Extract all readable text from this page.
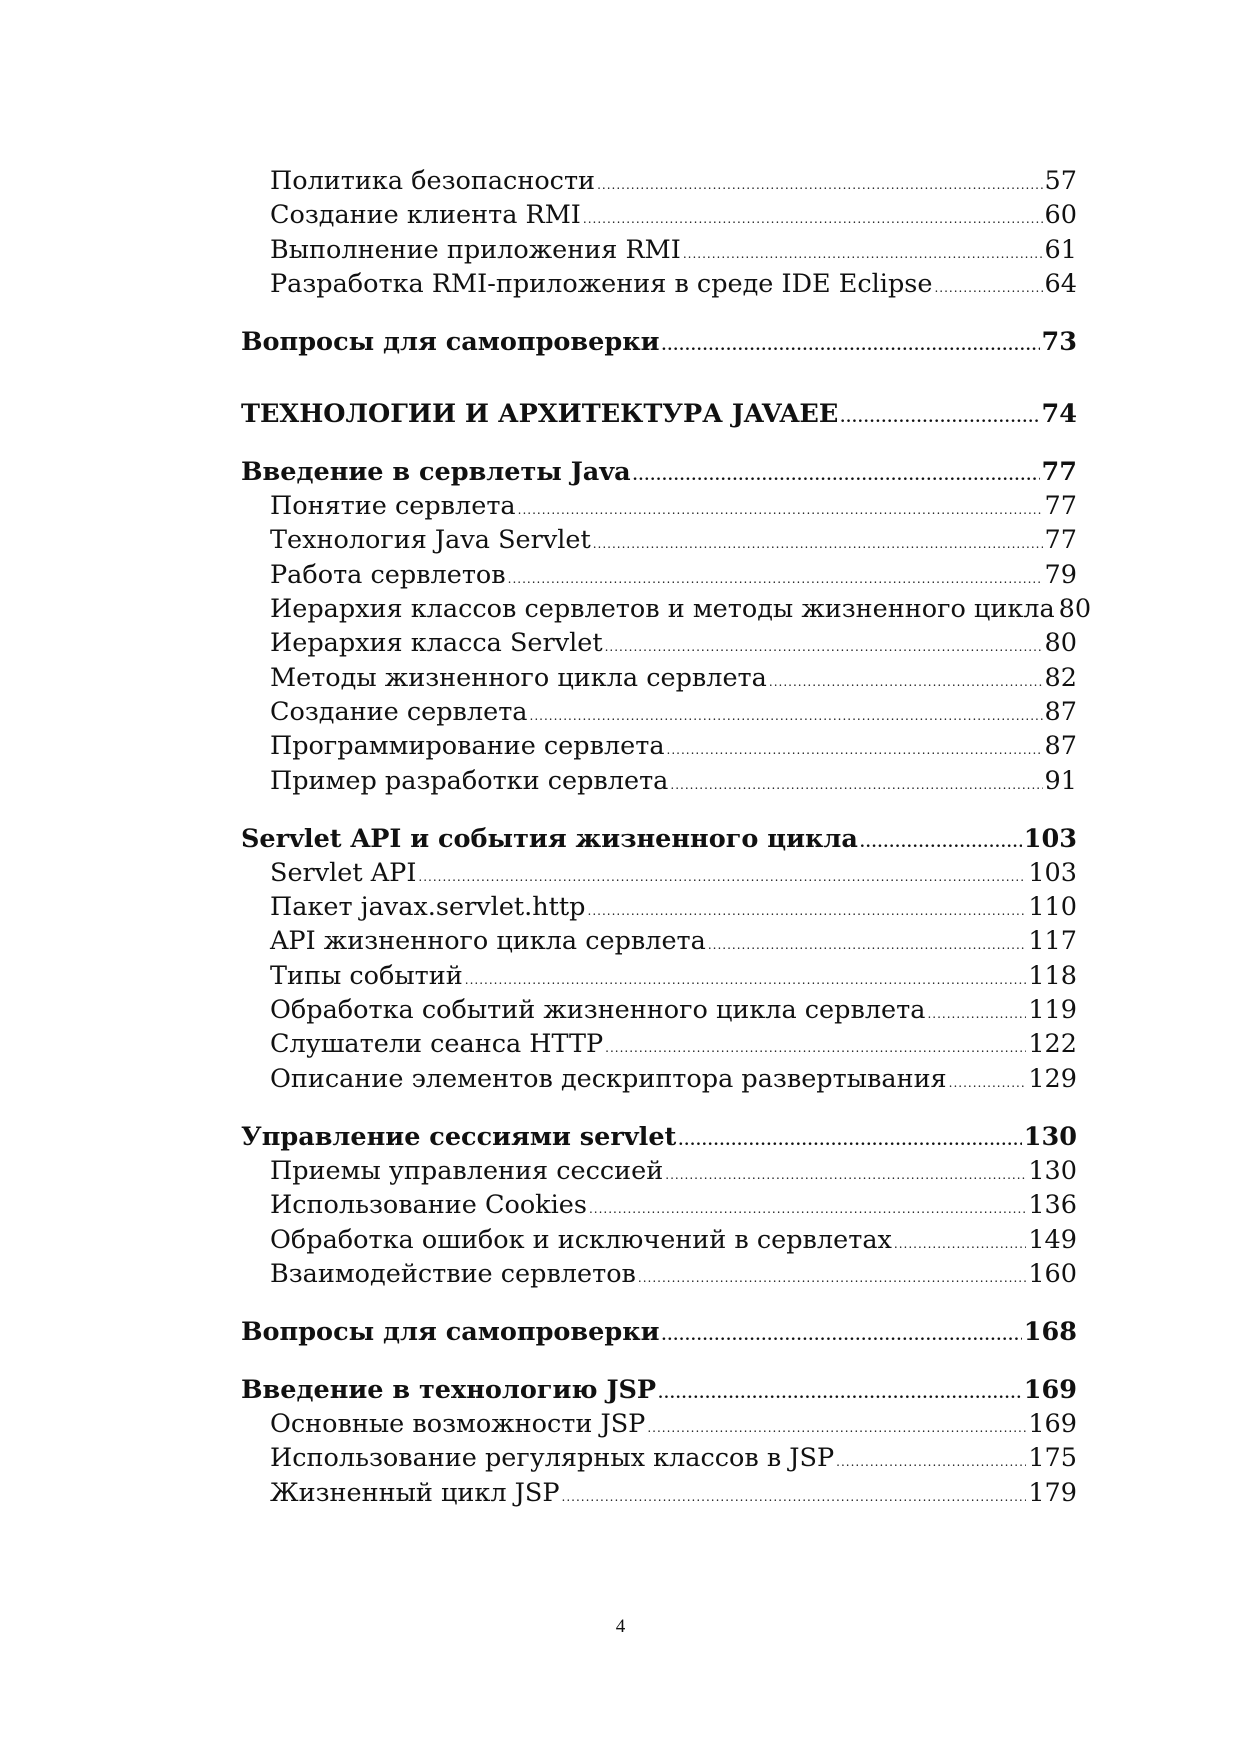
Политика безопасности .....	57
Создание клиента RMI .....	60
Выполнение приложения RMI .....	61
Разработка RMI-приложения в среде IDE Eclipse .....	64
Вопросы для самопроверки .....	73
ТЕХНОЛОГИИ И АРХИТЕКТУРА JAVAEE .....	74
Введение в сервлеты Java .....	77
Понятие сервлета .....	77
Технология Java Servlet .....	77
Работа сервлетов .....	79
Иерархия классов сервлетов и методы жизненного цикла 80
Иерархия класса Servlet .....	80
Методы жизненного цикла сервлета .....	82
Создание сервлета .....	87
Программирование сервлета .....	87
Пример разработки сервлета .....	91
Servlet API и события жизненного цикла .....	103
Servlet API .....	103
Пакет javax.servlet.http .....	110
API жизненного цикла сервлета .....	117
Типы событий .....	118
Обработка событий жизненного цикла сервлета .....	119
Слушатели сеанса HTTP .....	122
Описание элементов дескриптора развертывания .....	129
Управление сессиями servlet .....	130
Приемы управления сессией .....	130
Использование Cookies .....	136
Обработка ошибок и исключений в сервлетах .....	149
Взаимодействие сервлетов .....	160
Вопросы для самопроверки .....	168
Введение в технологию JSP .....	169
Основные возможности JSP .....	169
Использование регулярных классов в JSP .....	175
Жизненный цикл JSP .....	179
4
